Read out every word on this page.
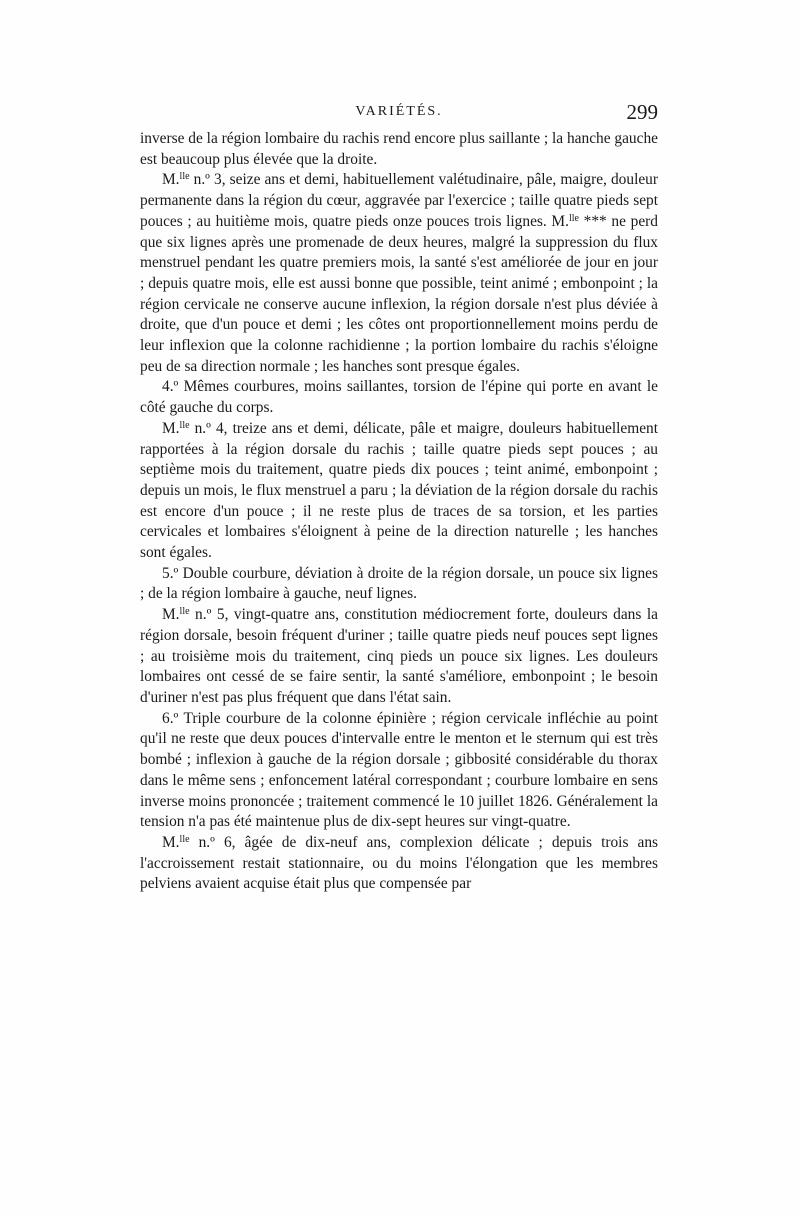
VARIÉTÉS.	299

inverse de la région lombaire du rachis rend encore plus saillante ; la hanche gauche est beaucoup plus élevée que la droite.

M.$^{lle}$ n.º 3, seize ans et demi, habituellement valétudinaire, pâle, maigre, douleur permanente dans la région du cœur, aggravée par l'exercice ; taille quatre pieds sept pouces ; au huitième mois, quatre pieds onze pouces trois lignes. M.$^{lle}$ *** ne perd que six lignes après une promenade de deux heures, malgré la suppression du flux menstruel pendant les quatre premiers mois, la santé s'est améliorée de jour en jour ; depuis quatre mois, elle est aussi bonne que possible, teint animé ; embonpoint ; la région cervicale ne conserve aucune inflexion, la région dorsale n'est plus déviée à droite, que d'un pouce et demi ; les côtes ont proportionnellement moins perdu de leur inflexion que la colonne rachidienne ; la portion lombaire du rachis s'éloigne peu de sa direction normale ; les hanches sont presque égales.

4.º Mêmes courbures, moins saillantes, torsion de l'épine qui porte en avant le côté gauche du corps.

M.$^{lle}$ n.º 4, treize ans et demi, délicate, pâle et maigre, douleurs habituellement rapportées à la région dorsale du rachis ; taille quatre pieds sept pouces ; au septième mois du traitement, quatre pieds dix pouces ; teint animé, embonpoint ; depuis un mois, le flux menstruel a paru ; la déviation de la région dorsale du rachis est encore d'un pouce ; il ne reste plus de traces de sa torsion, et les parties cervicales et lombaires s'éloignent à peine de la direction naturelle ; les hanches sont égales.

5.º Double courbure, déviation à droite de la région dorsale, un pouce six lignes ; de la région lombaire à gauche, neuf lignes.

M.$^{lle}$ n.º 5, vingt-quatre ans, constitution médiocrement forte, douleurs dans la région dorsale, besoin fréquent d'uriner ; taille quatre pieds neuf pouces sept lignes ; au troisième mois du traitement, cinq pieds un pouce six lignes. Les douleurs lombaires ont cessé de se faire sentir, la santé s'améliore, embonpoint ; le besoin d'uriner n'est pas plus fréquent que dans l'état sain.

6.º Triple courbure de la colonne épinière ; région cervicale infléchie au point qu'il ne reste que deux pouces d'intervalle entre le menton et le sternum qui est très bombé ; inflexion à gauche de la région dorsale ; gibbosité considérable du thorax dans le même sens ; enfoncement latéral correspondant ; courbure lombaire en sens inverse moins prononcée ; traitement commencé le 10 juillet 1826. Généralement la tension n'a pas été maintenue plus de dix-sept heures sur vingt-quatre.

M.$^{lle}$ n.º 6, âgée de dix-neuf ans, complexion délicate ; depuis trois ans l'accroissement restait stationnaire, ou du moins l'élongation que les membres pelviens avaient acquise était plus que compensée par
